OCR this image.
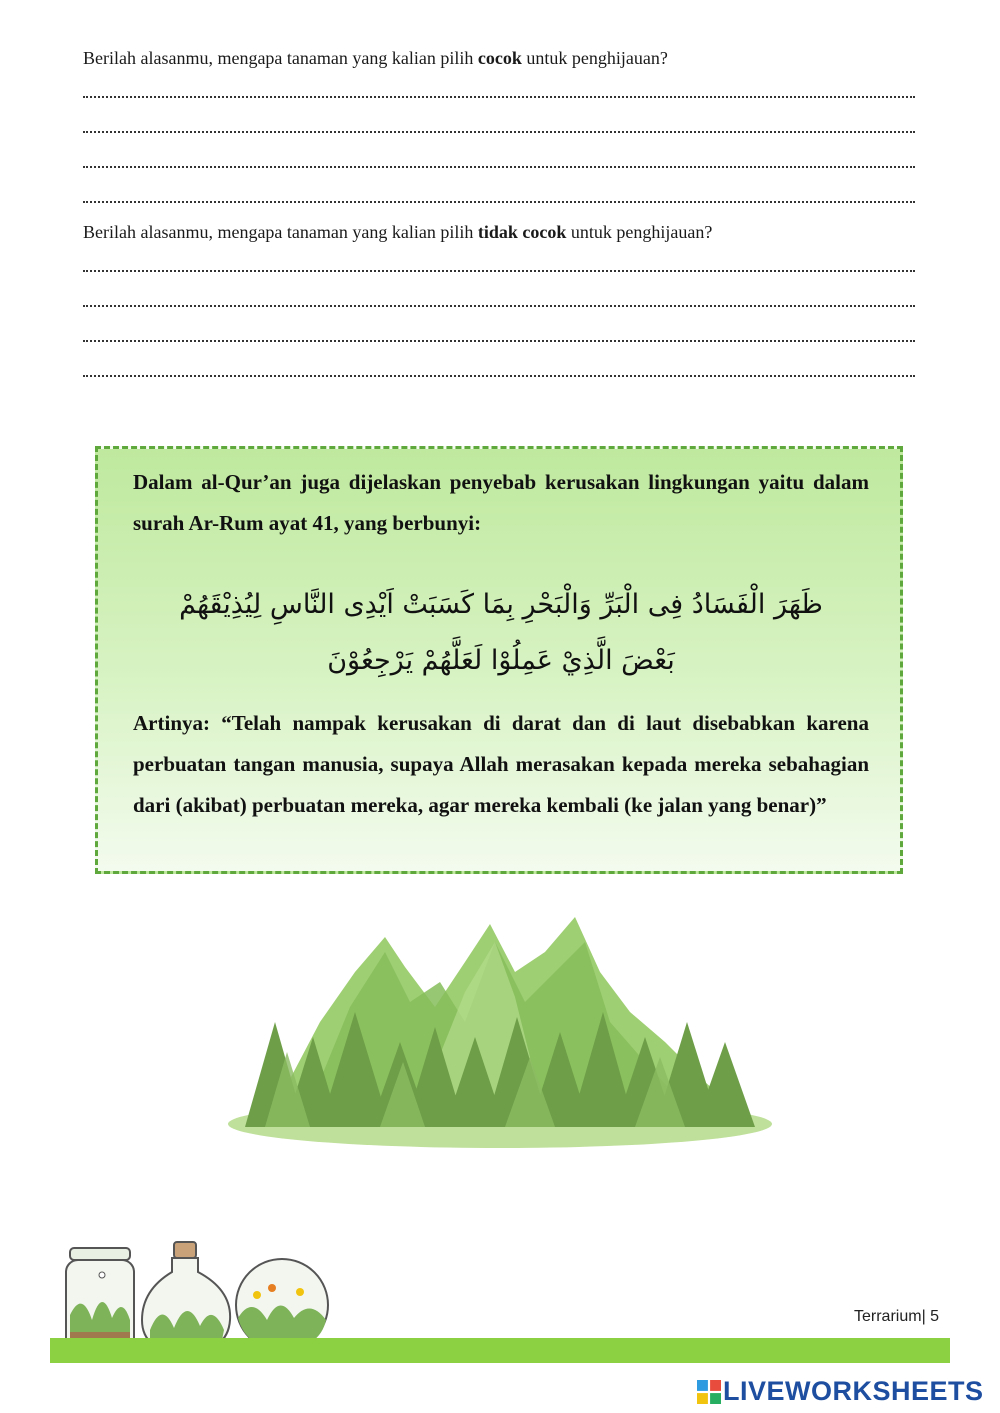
Berilah alasanmu, mengapa tanaman yang kalian pilih cocok untuk penghijauan?
Berilah alasanmu, mengapa tanaman yang kalian pilih tidak cocok untuk penghijauan?

Dalam al-Qur’an juga dijelaskan penyebab kerusakan lingkungan yaitu dalam surah Ar-Rum ayat 41, yang berbunyi:

ظَهَرَ الْفَسَادُ فِى الْبَرِّ وَالْبَحْرِ بِمَا كَسَبَتْ اَيْدِى النَّاسِ لِيُذِيْقَهُمْ
بَعْضَ الَّذِيْ عَمِلُوْا لَعَلَّهُمْ يَرْجِعُوْنَ

Artinya: “Telah nampak kerusakan di darat dan di laut disebabkan karena perbuatan tangan manusia, supaya Allah merasakan kepada mereka sebahagian dari (akibat) perbuatan mereka, agar mereka kembali (ke jalan yang benar)”

Terrarium| 5
LIVEWORKSHEETS
